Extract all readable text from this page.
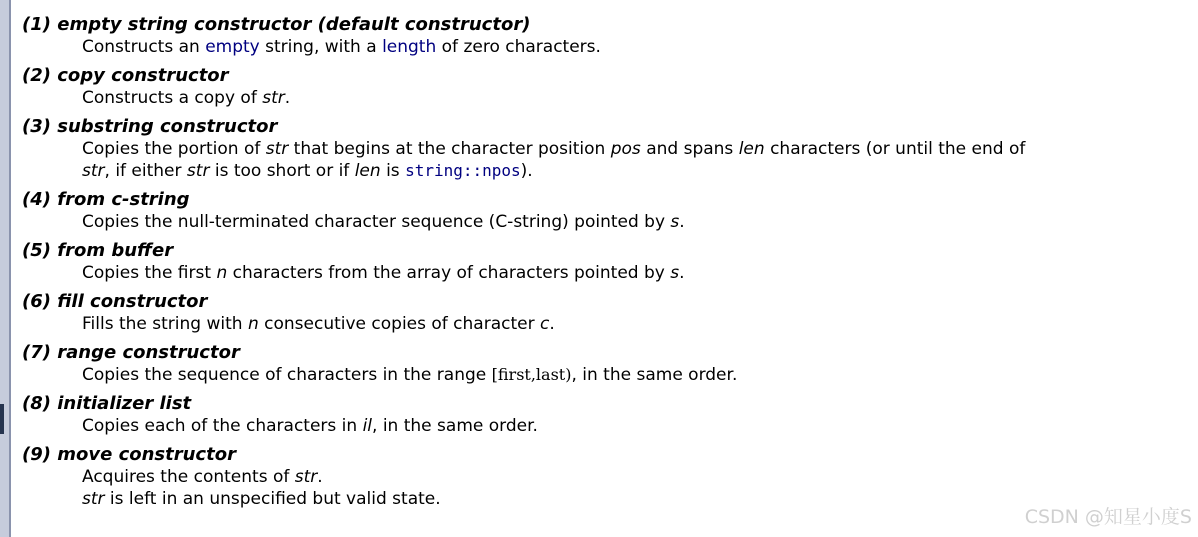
(1) empty string constructor (default constructor)
Constructs an empty string, with a length of zero characters.
(2) copy constructor
Constructs a copy of str.
(3) substring constructor
Copies the portion of str that begins at the character position pos and spans len characters (or until the end of
str, if either str is too short or if len is string::npos).
(4) from c-string
Copies the null-terminated character sequence (C-string) pointed by s.
(5) from buffer
Copies the first n characters from the array of characters pointed by s.
(6) fill constructor
Fills the string with n consecutive copies of character c.
(7) range constructor
Copies the sequence of characters in the range [first,last), in the same order.
(8) initializer list
Copies each of the characters in il, in the same order.
(9) move constructor
Acquires the contents of str.
str is left in an unspecified but valid state.
CSDN @知星小度S
